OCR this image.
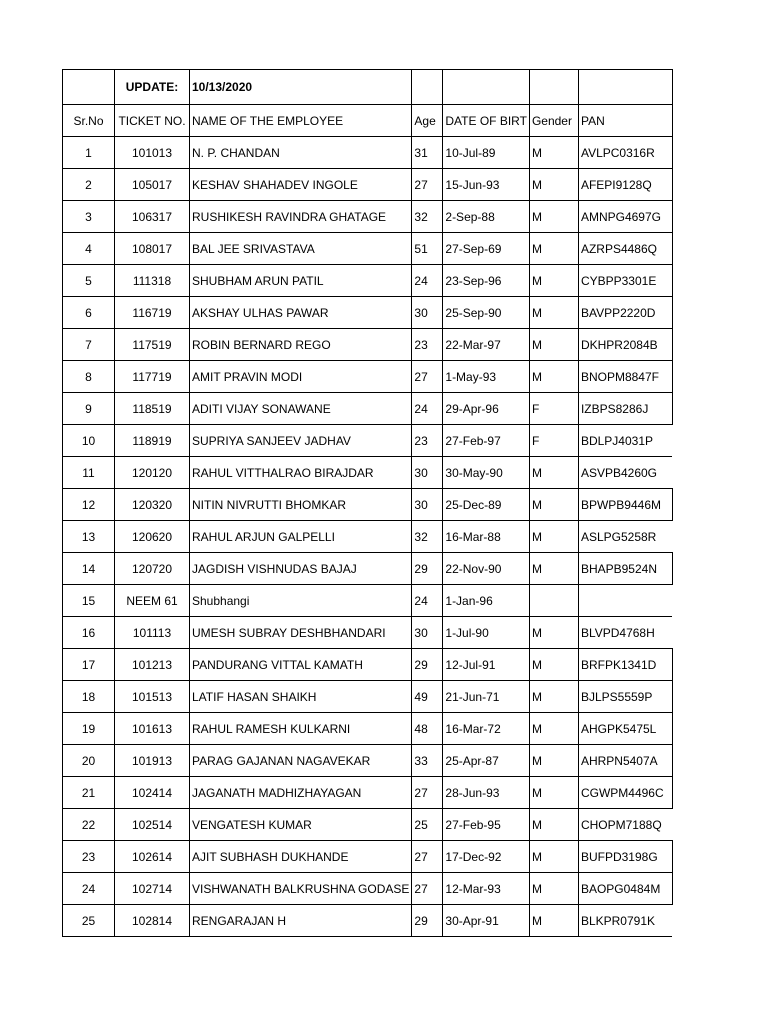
	UPDATE:	10/13/2020				
Sr.No	TICKET NO.	NAME OF THE EMPLOYEE	Age	DATE OF BIRT	Gender	PAN
1	101013	N. P. CHANDAN	31	10-Jul-89	M	AVLPC0316R
2	105017	KESHAV SHAHADEV INGOLE	27	15-Jun-93	M	AFEPI9128Q
3	106317	RUSHIKESH RAVINDRA GHATAGE	32	2-Sep-88	M	AMNPG4697G
4	108017	BAL JEE SRIVASTAVA	51	27-Sep-69	M	AZRPS4486Q
5	111318	SHUBHAM ARUN PATIL	24	23-Sep-96	M	CYBPP3301E
6	116719	AKSHAY ULHAS PAWAR	30	25-Sep-90	M	BAVPP2220D
7	117519	ROBIN BERNARD REGO	23	22-Mar-97	M	DKHPR2084B
8	117719	AMIT PRAVIN MODI	27	1-May-93	M	BNOPM8847F
9	118519	ADITI VIJAY SONAWANE	24	29-Apr-96	F	IZBPS8286J
10	118919	SUPRIYA SANJEEV JADHAV	23	27-Feb-97	F	BDLPJ4031P
11	120120	RAHUL VITTHALRAO BIRAJDAR	30	30-May-90	M	ASVPB4260G
12	120320	NITIN NIVRUTTI BHOMKAR	30	25-Dec-89	M	BPWPB9446M
13	120620	RAHUL ARJUN GALPELLI	32	16-Mar-88	M	ASLPG5258R
14	120720	JAGDISH VISHNUDAS BAJAJ	29	22-Nov-90	M	BHAPB9524N
15	NEEM 61	Shubhangi	24	1-Jan-96		
16	101113	UMESH SUBRAY DESHBHANDARI	30	1-Jul-90	M	BLVPD4768H
17	101213	PANDURANG VITTAL KAMATH	29	12-Jul-91	M	BRFPK1341D
18	101513	LATIF HASAN SHAIKH	49	21-Jun-71	M	BJLPS5559P
19	101613	RAHUL RAMESH KULKARNI	48	16-Mar-72	M	AHGPK5475L
20	101913	PARAG GAJANAN NAGAVEKAR	33	25-Apr-87	M	AHRPN5407A
21	102414	JAGANATH MADHIZHAYAGAN	27	28-Jun-93	M	CGWPM4496C
22	102514	VENGATESH KUMAR	25	27-Feb-95	M	CHOPM7188Q
23	102614	AJIT SUBHASH DUKHANDE	27	17-Dec-92	M	BUFPD3198G
24	102714	VISHWANATH BALKRUSHNA GODASE	27	12-Mar-93	M	BAOPG0484M
25	102814	RENGARAJAN H	29	30-Apr-91	M	BLKPR0791K
